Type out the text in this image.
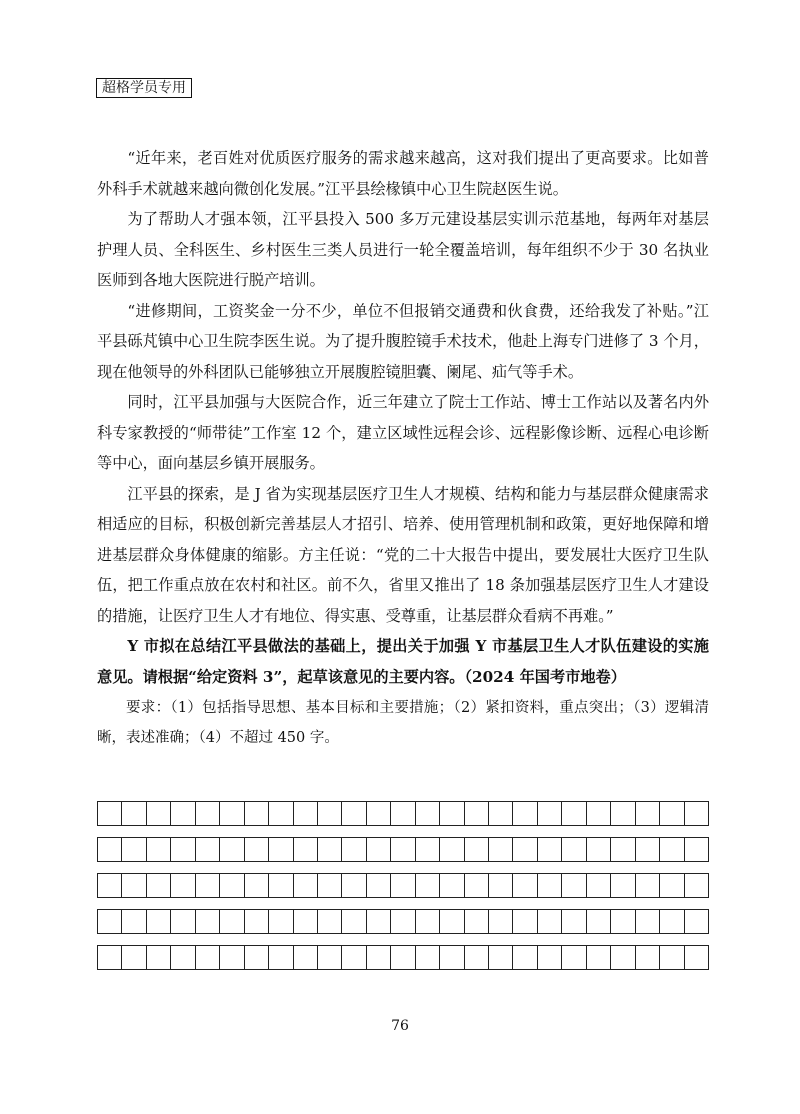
超格学员专用

“近年来，老百姓对优质医疗服务的需求越来越高，这对我们提出了更高要求。比如普外科手术就越来越向微创化发展。”江平县绘椽镇中心卫生院赵医生说。

为了帮助人才强本领，江平县投入 500 多万元建设基层实训示范基地，每两年对基层护理人员、全科医生、乡村医生三类人员进行一轮全覆盖培训，每年组织不少于 30 名执业医师到各地大医院进行脱产培训。

“进修期间，工资奖金一分不少，单位不但报销交通费和伙食费，还给我发了补贴。”江平县砾芃镇中心卫生院李医生说。为了提升腹腔镜手术技术，他赴上海专门进修了 3 个月，现在他领导的外科团队已能够独立开展腹腔镜胆囊、阑尾、疝气等手术。

同时，江平县加强与大医院合作，近三年建立了院士工作站、博士工作站以及著名内外科专家教授的“师带徒”工作室 12 个，建立区域性远程会诊、远程影像诊断、远程心电诊断等中心，面向基层乡镇开展服务。

江平县的探索，是 J 省为实现基层医疗卫生人才规模、结构和能力与基层群众健康需求相适应的目标，积极创新完善基层人才招引、培养、使用管理机制和政策，更好地保障和增进基层群众身体健康的缩影。方主任说：“党的二十大报告中提出，要发展壮大医疗卫生队伍，把工作重点放在农村和社区。前不久，省里又推出了 18 条加强基层医疗卫生人才建设的措施，让医疗卫生人才有地位、得实惠、受尊重，让基层群众看病不再难。”

Y 市拟在总结江平县做法的基础上，提出关于加强 Y 市基层卫生人才队伍建设的实施意见。请根据“给定资料 3”，起草该意见的主要内容。（2024 年国考市地卷）

要求：（1）包括指导思想、基本目标和主要措施；（2）紧扣资料，重点突出；（3）逻辑清晰，表述准确；（4）不超过 450 字。

76
